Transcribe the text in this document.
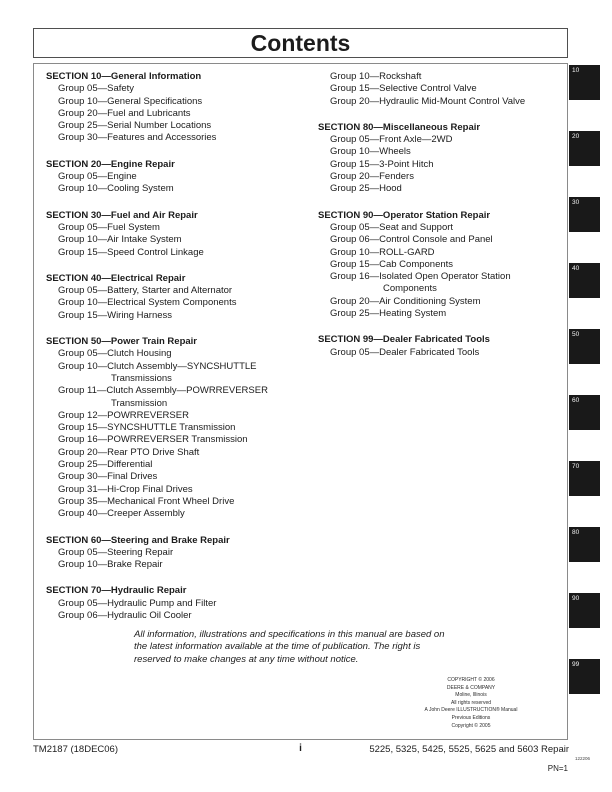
Contents
SECTION 10—General Information
Group 05—Safety
Group 10—General Specifications
Group 20—Fuel and Lubricants
Group 25—Serial Number Locations
Group 30—Features and Accessories
SECTION 20—Engine Repair
Group 05—Engine
Group 10—Cooling System
SECTION 30—Fuel and Air Repair
Group 05—Fuel System
Group 10—Air Intake System
Group 15—Speed Control Linkage
SECTION 40—Electrical Repair
Group 05—Battery, Starter and Alternator
Group 10—Electrical System Components
Group 15—Wiring Harness
SECTION 50—Power Train Repair
Group 05—Clutch Housing
Group 10—Clutch Assembly—SYNCSHUTTLE
Transmissions
Group 11—Clutch Assembly—POWRREVERSER
Transmission
Group 12—POWRREVERSER
Group 15—SYNCSHUTTLE Transmission
Group 16—POWRREVERSER Transmission
Group 20—Rear PTO Drive Shaft
Group 25—Differential
Group 30—Final Drives
Group 31—Hi-Crop Final Drives
Group 35—Mechanical Front Wheel Drive
Group 40—Creeper Assembly
SECTION 60—Steering and Brake Repair
Group 05—Steering Repair
Group 10—Brake Repair
SECTION 70—Hydraulic Repair
Group 05—Hydraulic Pump and Filter
Group 06—Hydraulic Oil Cooler
Group 10—Rockshaft
Group 15—Selective Control Valve
Group 20—Hydraulic Mid-Mount Control Valve
SECTION 80—Miscellaneous Repair
Group 05—Front Axle—2WD
Group 10—Wheels
Group 15—3-Point Hitch
Group 20—Fenders
Group 25—Hood
SECTION 90—Operator Station Repair
Group 05—Seat and Support
Group 06—Control Console and Panel
Group 10—ROLL-GARD
Group 15—Cab Components
Group 16—Isolated Open Operator Station
Components
Group 20—Air Conditioning System
Group 25—Heating System
SECTION 99—Dealer Fabricated Tools
Group 05—Dealer Fabricated Tools
All information, illustrations and specifications in this manual are based on
the latest information available at the time of publication. The right is
reserved to make changes at any time without notice.
COPYRIGHT © 2006
DEERE & COMPANY
Moline, Illinois
All rights reserved
A John Deere ILLUSTRUCTION® Manual
Previous Editions
Copyright © 2005
10
20
30
40
50
60
70
80
90
99
TM2187 (18DEC06)	i	5225, 5325, 5425, 5525, 5625 and 5603 Repair
122206
PN=1
